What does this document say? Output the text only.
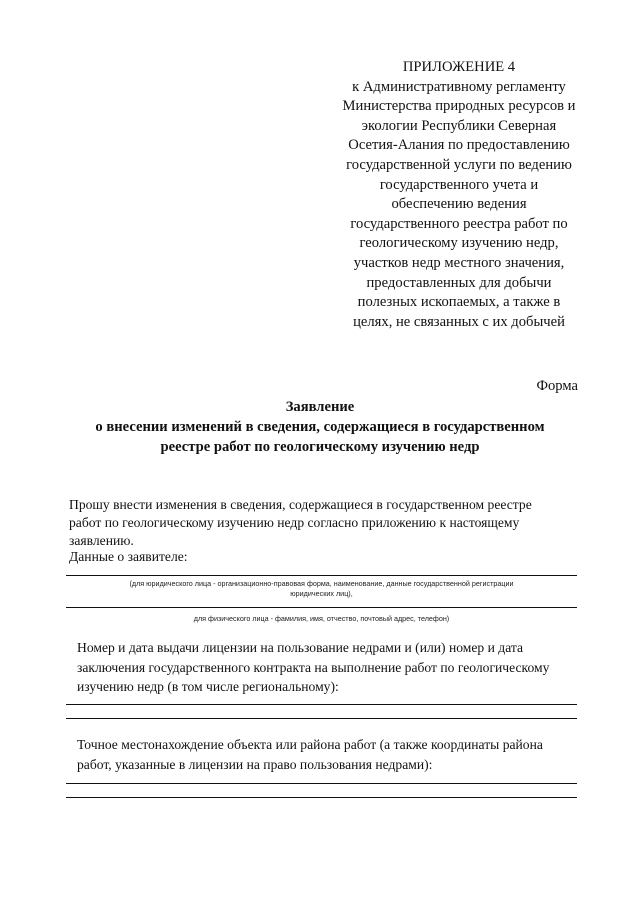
ПРИЛОЖЕНИЕ 4
к Административному регламенту
Министерства природных ресурсов и
экологии Республики Северная
Осетия-Алания по предоставлению
государственной услуги по ведению
государственного учета и
обеспечению ведения
государственного реестра работ по
геологическому изучению недр,
участков недр местного значения,
предоставленных для добычи
полезных ископаемых, а также в
целях, не связанных с их добычей
Форма
Заявление
о внесении изменений в сведения, содержащиеся в государственном
реестре работ по геологическому изучению недр
Прошу внести изменения в сведения, содержащиеся в государственном реестре
работ по геологическому изучению недр согласно приложению к настоящему
заявлению.
Данные о заявителе:
(для юридического лица - организационно-правовая форма, наименование, данные государственной регистрации
юридических лиц),
для физического лица - фамилия, имя, отчество, почтовый адрес, телефон)
Номер и дата выдачи лицензии на пользование недрами и (или) номер и дата
заключения государственного контракта на выполнение работ по геологическому
изучению недр (в том числе региональному):
Точное местонахождение объекта или района работ (а также координаты района
работ, указанные в лицензии на право пользования недрами):
